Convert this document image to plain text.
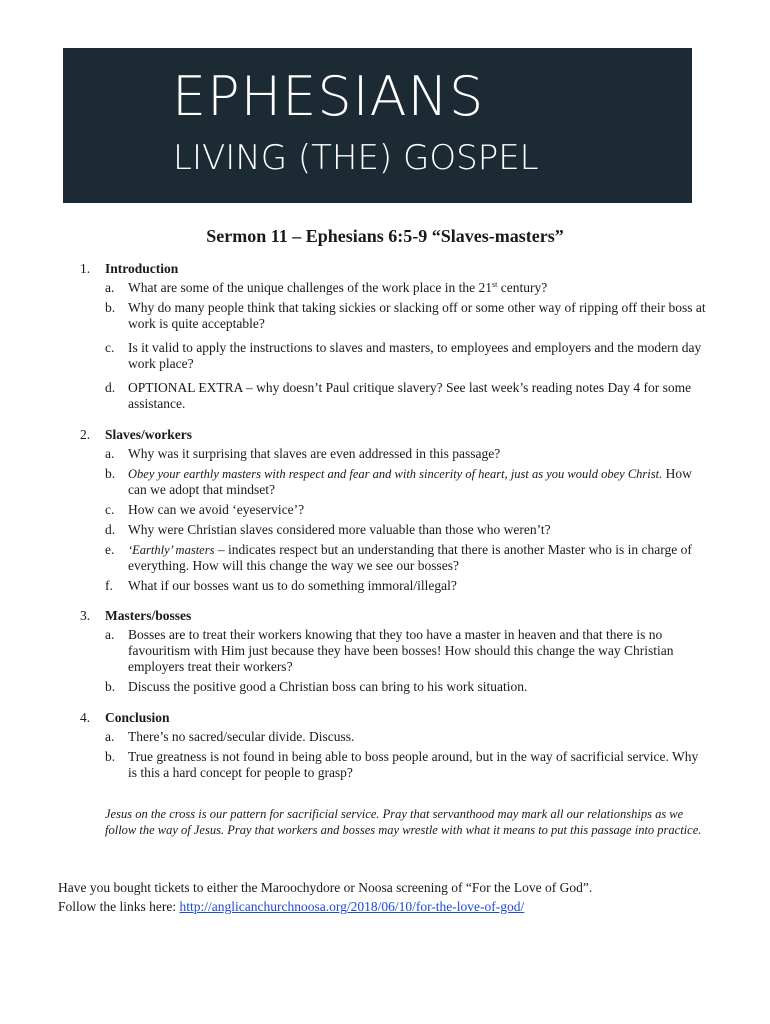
EPHESIANS
LIVING (THE) GOSPEL
Sermon 11 – Ephesians 6:5-9 “Slaves-masters”
1.	Introduction
a.	What are some of the unique challenges of the work place in the 21st century?
b. Why do many people think that taking sickies or slacking off or some other way of ripping off their boss at work is quite acceptable?
c.	Is it valid to apply the instructions to slaves and masters, to employees and employers and the modern day work place?
d. OPTIONAL EXTRA – why doesn’t Paul critique slavery? See last week’s reading notes Day 4 for some assistance.
2.	Slaves/workers
a.	Why was it surprising that slaves are even addressed in this passage?
b.	Obey your earthly masters with respect and fear and with sincerity of heart, just as you would obey Christ. How can we adopt that mindset?
c.	How can we avoid ‘eyeservice’?
d. Why were Christian slaves considered more valuable than those who weren’t?
e.	‘Earthly’ masters – indicates respect but an understanding that there is another Master who is in charge of everything. How will this change the way we see our bosses?
f.	What if our bosses want us to do something immoral/illegal?
3.	Masters/bosses
a.	Bosses are to treat their workers knowing that they too have a master in heaven and that there is no favouritism with Him just because they have been bosses! How should this change the way Christian employers treat their workers?
b. Discuss the positive good a Christian boss can bring to his work situation.
4.	Conclusion
a.	There’s no sacred/secular divide. Discuss.
b. True greatness is not found in being able to boss people around, but in the way of sacrificial service. Why is this a hard concept for people to grasp?
Jesus on the cross is our pattern for sacrificial service. Pray that servanthood may mark all our relationships as we follow the way of Jesus. Pray that workers and bosses may wrestle with what it means to put this passage into practice.
Have you bought tickets to either the Maroochydore or Noosa screening of “For the Love of God”.
Follow the links here: http://anglicanchurchnoosa.org/2018/06/10/for-the-love-of-god/
